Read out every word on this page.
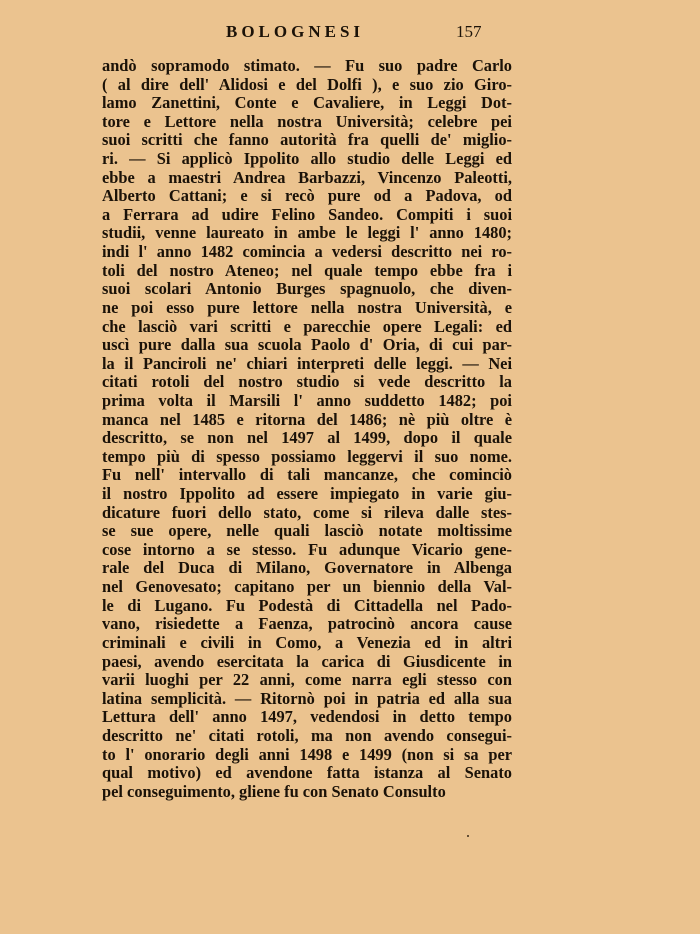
BOLOGNESI	157
andò sopramodo stimato. — Fu suo padre Carlo
( al dire dell' Alidosi e del Dolfi ), e suo zio Giro-
lamo Zanettini, Conte e Cavaliere, in Leggi Dot-
tore e Lettore nella nostra Università; celebre pei
suoi scritti che fanno autorità fra quelli de' miglio-
ri. — Si applicò Ippolito allo studio delle Leggi ed
ebbe a maestri Andrea Barbazzi, Vincenzo Paleotti,
Alberto Cattani; e si recò pure od a Padova, od
a Ferrara ad udire Felino Sandeo. Compiti i suoi
studii, venne laureato in ambe le leggi l' anno 1480;
indi l' anno 1482 comincia a vedersi descritto nei ro-
toli del nostro Ateneo; nel quale tempo ebbe fra i
suoi scolari Antonio Burges spagnuolo, che diven-
ne poi esso pure lettore nella nostra Università, e
che lasciò vari scritti e parecchie opere Legali: ed
uscì pure dalla sua scuola Paolo d' Oria, di cui par-
la il Panciroli ne' chiari interpreti delle leggi. — Nei
citati rotoli del nostro studio si vede descritto la
prima volta il Marsili l' anno suddetto 1482; poi
manca nel 1485 e ritorna del 1486; nè più oltre è
descritto, se non nel 1497 al 1499, dopo il quale
tempo più di spesso possiamo leggervi il suo nome.
Fu nell' intervallo di tali mancanze, che cominciò
il nostro Ippolito ad essere impiegato in varie giu-
dicature fuori dello stato, come si rileva dalle stes-
se sue opere, nelle quali lasciò notate moltissime
cose intorno a se stesso. Fu adunque Vicario gene-
rale del Duca di Milano, Governatore in Albenga
nel Genovesato; capitano per un biennio della Val-
le di Lugano. Fu Podestà di Cittadella nel Pado-
vano, risiedette a Faenza, patrocinò ancora cause
criminali e civili in Como, a Venezia ed in altri
paesi, avendo esercitata la carica di Giusdicente in
varii luoghi per 22 anni, come narra egli stesso con
latina semplicità. — Ritornò poi in patria ed alla sua
Lettura dell' anno 1497, vedendosi in detto tempo
descritto ne' citati rotoli, ma non avendo consegui-
to l' onorario degli anni 1498 e 1499 (non si sa per
qual motivo) ed avendone fatta istanza al Senato
pel conseguimento, gliene fu con Senato Consulto
